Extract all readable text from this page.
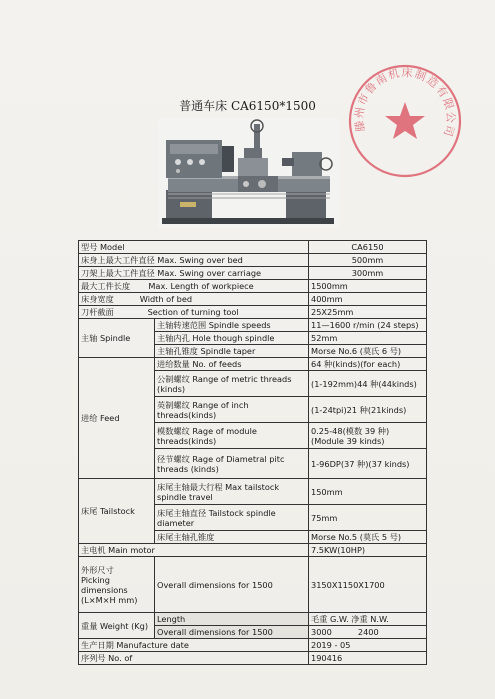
普通车床 CA6150*1500
滕州市鲁南机床制造有限公司
型号 Model		CA6150
床身上最大工件直径 Max. Swing over bed		500mm
刀架上最大工件直径 Max. Swing over carriage		300mm
最大工件长度 Max. Length of workpiece		1500mm
床身宽度 Width of bed		400mm
刀杆截面 Section of turning tool		25X25mm
主轴 Spindle	主轴转速范围 Spindle speeds	11—1600 r/min (24 steps)
	主轴内孔 Hole though spindle	52mm
	主轴孔锥度 Spindle taper	Morse No.6 (莫氏 6 号)
进给 Feed	进给数量 No. of feeds	64 种(kinds)(for each)
	公制螺纹 Range of metric threads (kinds)	(1-192mm)44 种(44kinds)
	英制螺纹 Range of inch threads(kinds)	(1-24tpi)21 种(21kinds)
	模数螺纹 Rage of module threads(kinds)	0.25-48(模数 39 种)
(Module 39 kinds)

	径节螺纹 Rage of Diametral pitc threads (kinds)	1-96DP(37 种)(37 kinds)
床尾 Tailstock	床尾主轴最大行程 Max tailstock spindle travel	150mm
	床尾主轴直径 Tailstock spindle diameter	75mm
	床尾主轴孔锥度	Morse No.5 (莫氏 5 号)
主电机 Main motor		7.5KW(10HP)

外形尺寸
Picking
dimensions
(L×M×H mm)	Overall dimensions for 1500	3150X1150X1700
重量 Weight (Kg)	Length	毛重 G.W. 净重 N.W.
	Overall dimensions for 1500	3000 2400
生产日期 Manufacture date		2019 - 05
序列号 No. of		190416
